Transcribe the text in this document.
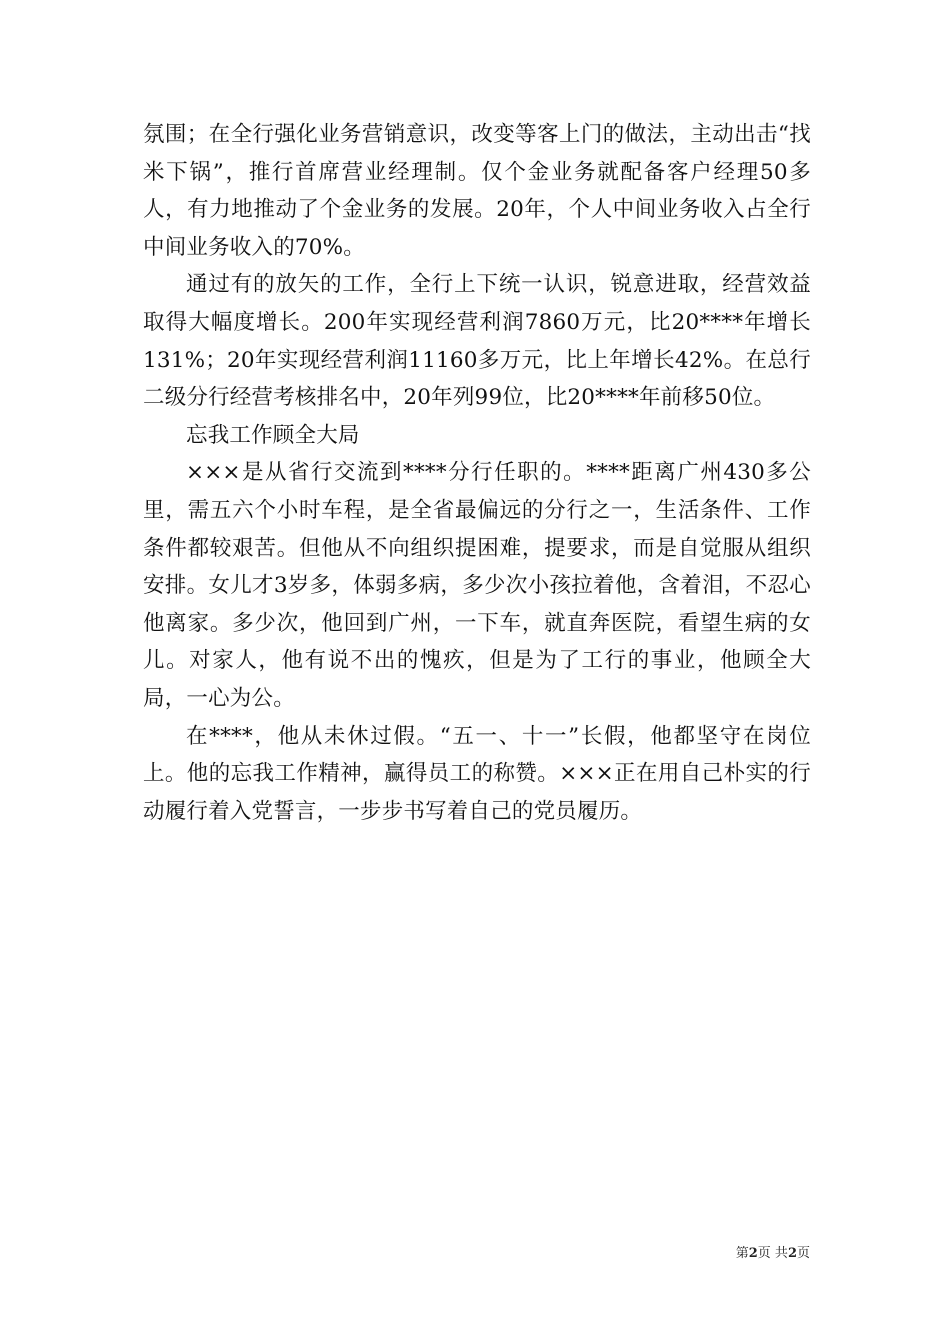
氛围；在全行强化业务营销意识，改变等客上门的做法，主动出击“找米下锅”，推行首席营业经理制。仅个金业务就配备客户经理50多人，有力地推动了个金业务的发展。20年，个人中间业务收入占全行中间业务收入的70%。

通过有的放矢的工作，全行上下统一认识，锐意进取，经营效益取得大幅度增长。200年实现经营利润7860万元，比20****年增长131%；20年实现经营利润11160多万元，比上年增长42%。在总行二级分行经营考核排名中，20年列99位，比20****年前移50位。

忘我工作顾全大局

×××是从省行交流到****分行任职的。****距离广州430多公里，需五六个小时车程，是全省最偏远的分行之一，生活条件、工作条件都较艰苦。但他从不向组织提困难，提要求，而是自觉服从组织安排。女儿才3岁多，体弱多病，多少次小孩拉着他，含着泪，不忍心他离家。多少次，他回到广州，一下车，就直奔医院，看望生病的女儿。对家人，他有说不出的愧疚，但是为了工行的事业，他顾全大局，一心为公。

在****，他从未休过假。“五一、十一”长假，他都坚守在岗位上。他的忘我工作精神，赢得员工的称赞。×××正在用自己朴实的行动履行着入党誓言，一步步书写着自己的党员履历。

第2页 共2页
